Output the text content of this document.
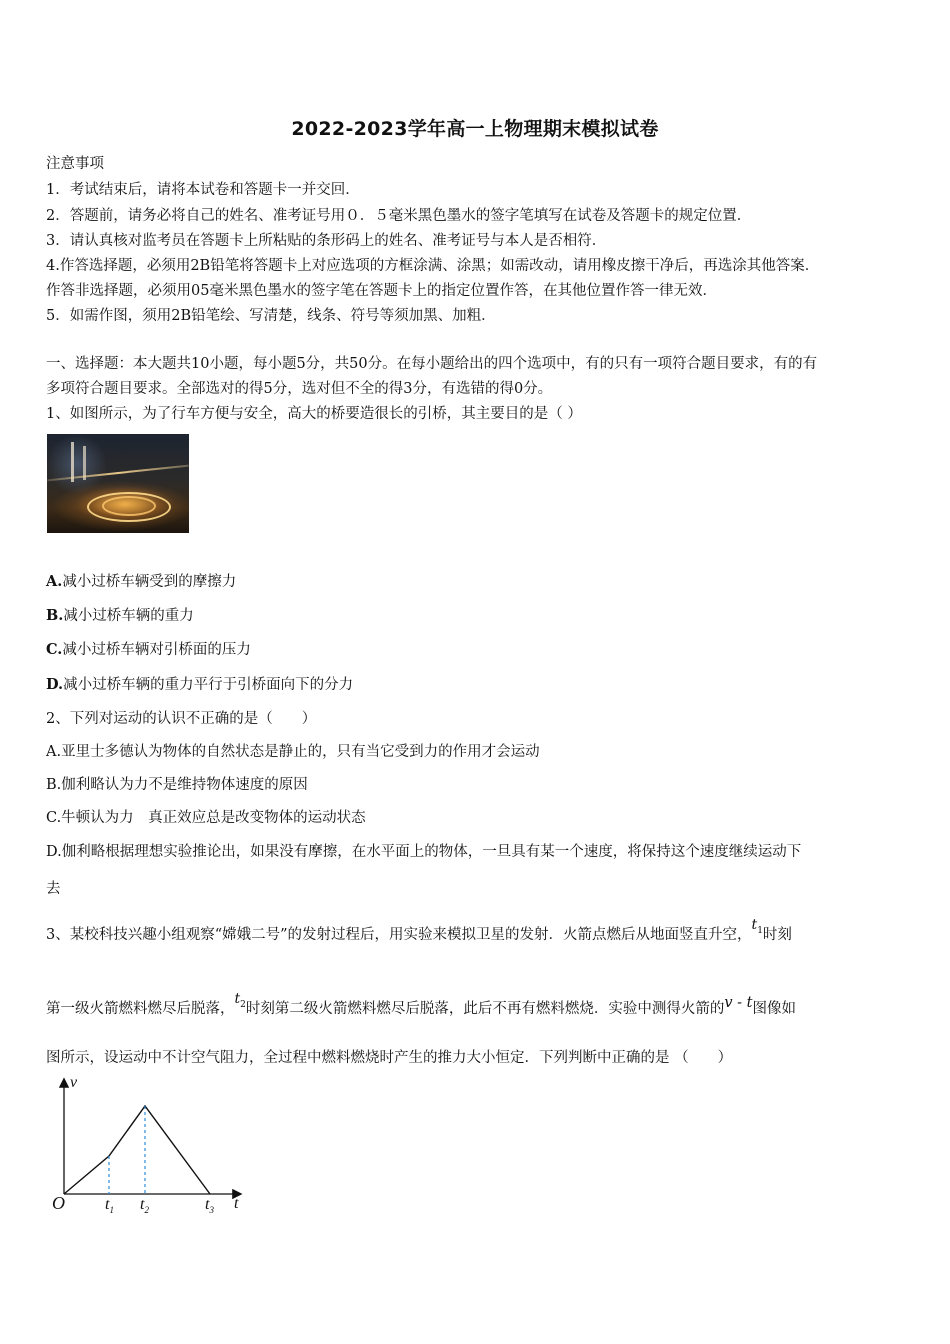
2022-2023学年高一上物理期末模拟试卷
注意事项
1．考试结束后，请将本试卷和答题卡一并交回．
2．答题前，请务必将自己的姓名、准考证号用０．５毫米黑色墨水的签字笔填写在试卷及答题卡的规定位置．
3．请认真核对监考员在答题卡上所粘贴的条形码上的姓名、准考证号与本人是否相符．
4.作答选择题，必须用2B铅笔将答题卡上对应选项的方框涂满、涂黑；如需改动，请用橡皮擦干净后，再选涂其他答案．
作答非选择题，必须用05毫米黑色墨水的签字笔在答题卡上的指定位置作答，在其他位置作答一律无效．
5．如需作图，须用2B铅笔绘、写清楚，线条、符号等须加黑、加粗．
一、选择题：本大题共10小题，每小题5分，共50分。在每小题给出的四个选项中，有的只有一项符合题目要求，有的有
多项符合题目要求。全部选对的得5分，选对但不全的得3分，有选错的得0分。
1、如图所示，为了行车方便与安全，高大的桥要造很长的引桥，其主要目的是（ ）
A.减小过桥车辆受到的摩擦力
B.减小过桥车辆的重力
C.减小过桥车辆对引桥面的压力
D.减小过桥车辆的重力平行于引桥面向下的分力
2、下列对运动的认识不正确的是（　　）
A.亚里士多德认为物体的自然状态是静止的，只有当它受到力的作用才会运动
B.伽利略认为力不是维持物体速度的原因
C.牛顿认为力　真正效应总是改变物体的运动状态
D.伽利略根据理想实验推论出，如果没有摩擦，在水平面上的物体，一旦具有某一个速度，将保持这个速度继续运动下
去
3、某校科技兴趣小组观察“嫦娥二号”的发射过程后，用实验来模拟卫星的发射．火箭点燃后从地面竖直升空，$t_1$时刻
第一级火箭燃料燃尽后脱落，$t_2$时刻第二级火箭燃料燃尽后脱落，此后不再有燃料燃烧．实验中测得火箭的v - t图像如
图所示，设运动中不计空气阻力，全过程中燃料燃烧时产生的推力大小恒定．下列判断中正确的是 （　　）
v
t
O	$t_1$ $t_2$	$t_3$
